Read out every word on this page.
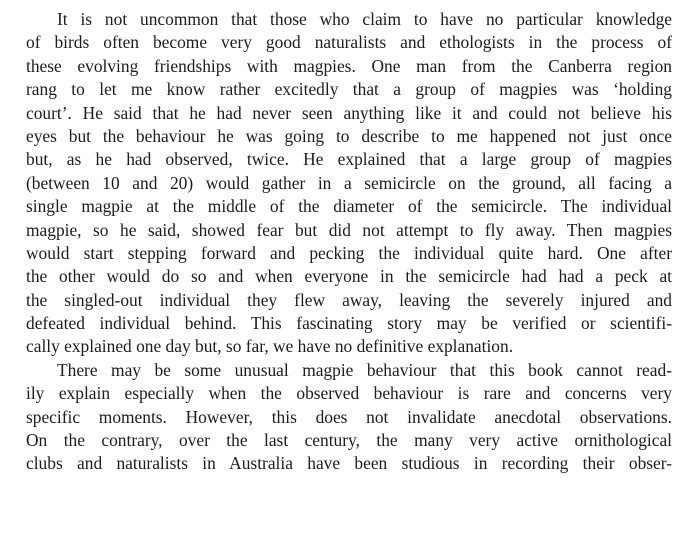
It is not uncommon that those who claim to have no particular knowledge
of birds often become very good naturalists and ethologists in the process of
these evolving friendships with magpies. One man from the Canberra region
rang to let me know rather excitedly that a group of magpies was ‘holding
court’. He said that he had never seen anything like it and could not believe his
eyes but the behaviour he was going to describe to me happened not just once
but, as he had observed, twice. He explained that a large group of magpies
(between 10 and 20) would gather in a semicircle on the ground, all facing a
single magpie at the middle of the diameter of the semicircle. The individual
magpie, so he said, showed fear but did not attempt to fly away. Then magpies
would start stepping forward and pecking the individual quite hard. One after
the other would do so and when everyone in the semicircle had had a peck at
the singled-out individual they flew away, leaving the severely injured and
defeated individual behind. This fascinating story may be verified or scientifi-
cally explained one day but, so far, we have no definitive explanation.
There may be some unusual magpie behaviour that this book cannot read-
ily explain especially when the observed behaviour is rare and concerns very
specific moments. However, this does not invalidate anecdotal observations.
On the contrary, over the last century, the many very active ornithological
clubs and naturalists in Australia have been studious in recording their obser-
